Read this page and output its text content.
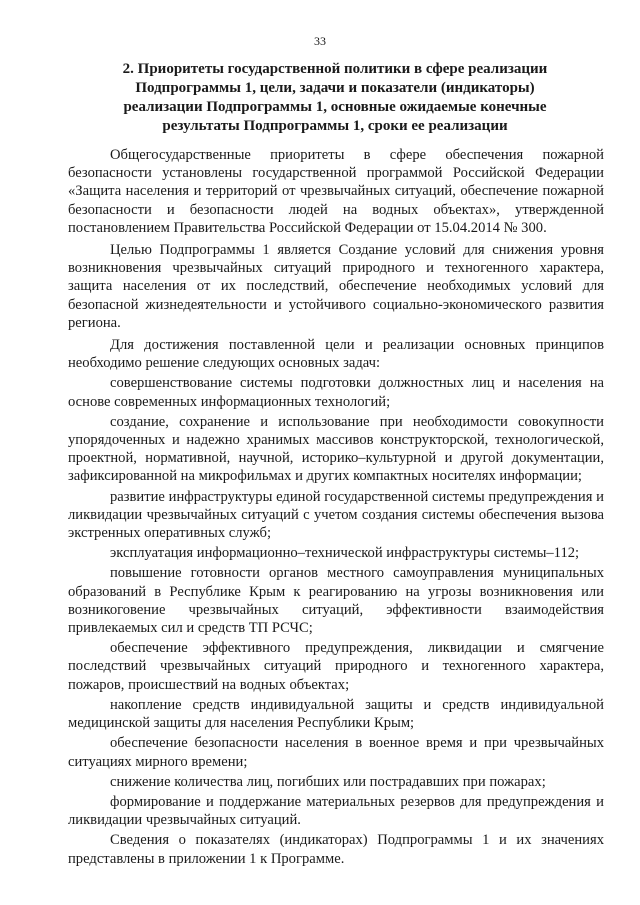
33
2. Приоритеты государственной политики в сфере реализации Подпрограммы 1, цели, задачи и показатели (индикаторы) реализации Подпрограммы 1, основные ожидаемые конечные результаты Подпрограммы 1, сроки ее реализации

Общегосударственные приоритеты в сфере обеспечения пожарной безопасности установлены государственной программой Российской Федерации «Защита населения и территорий от чрезвычайных ситуаций, обеспечение пожарной безопасности и безопасности людей на водных объектах», утвержденной постановлением Правительства Российской Федерации от 15.04.2014 № 300.

Целью Подпрограммы 1 является Создание условий для снижения уровня возникновения чрезвычайных ситуаций природного и техногенного характера, защита населения от их последствий, обеспечение необходимых условий для безопасной жизнедеятельности и устойчивого социально-экономического развития региона.

Для достижения поставленной цели и реализации основных принципов необходимо решение следующих основных задач:

совершенствование системы подготовки должностных лиц и населения на основе современных информационных технологий;

создание, сохранение и использование при необходимости совокупности упорядоченных и надежно хранимых массивов конструкторской, технологической, проектной, нормативной, научной, историко–культурной и другой документации, зафиксированной на микрофильмах и других компактных носителях информации;

развитие инфраструктуры единой государственной системы предупреждения и ликвидации чрезвычайных ситуаций с учетом создания системы обеспечения вызова экстренных оперативных служб;

эксплуатация информационно–технической инфраструктуры системы–112;

повышение готовности органов местного самоуправления муниципальных образований в Республике Крым к реагированию на угрозы возникновения или возникоговение чрезвычайных ситуаций, эффективности взаимодействия привлекаемых сил и средств ТП РСЧС;

обеспечение эффективного предупреждения, ликвидации и смягчение последствий чрезвычайных ситуаций природного и техногенного характера, пожаров, происшествий на водных объектах;

накопление средств индивидуальной защиты и средств индивидуальной медицинской защиты для населения Республики Крым;

обеспечение безопасности населения в военное время и при чрезвычайных ситуациях мирного времени;

снижение количества лиц, погибших или пострадавших при пожарах;

формирование и поддержание материальных резервов для предупреждения и ликвидации чрезвычайных ситуаций.

Сведения о показателях (индикаторах) Подпрограммы 1 и их значениях представлены в приложении 1 к Программе.
